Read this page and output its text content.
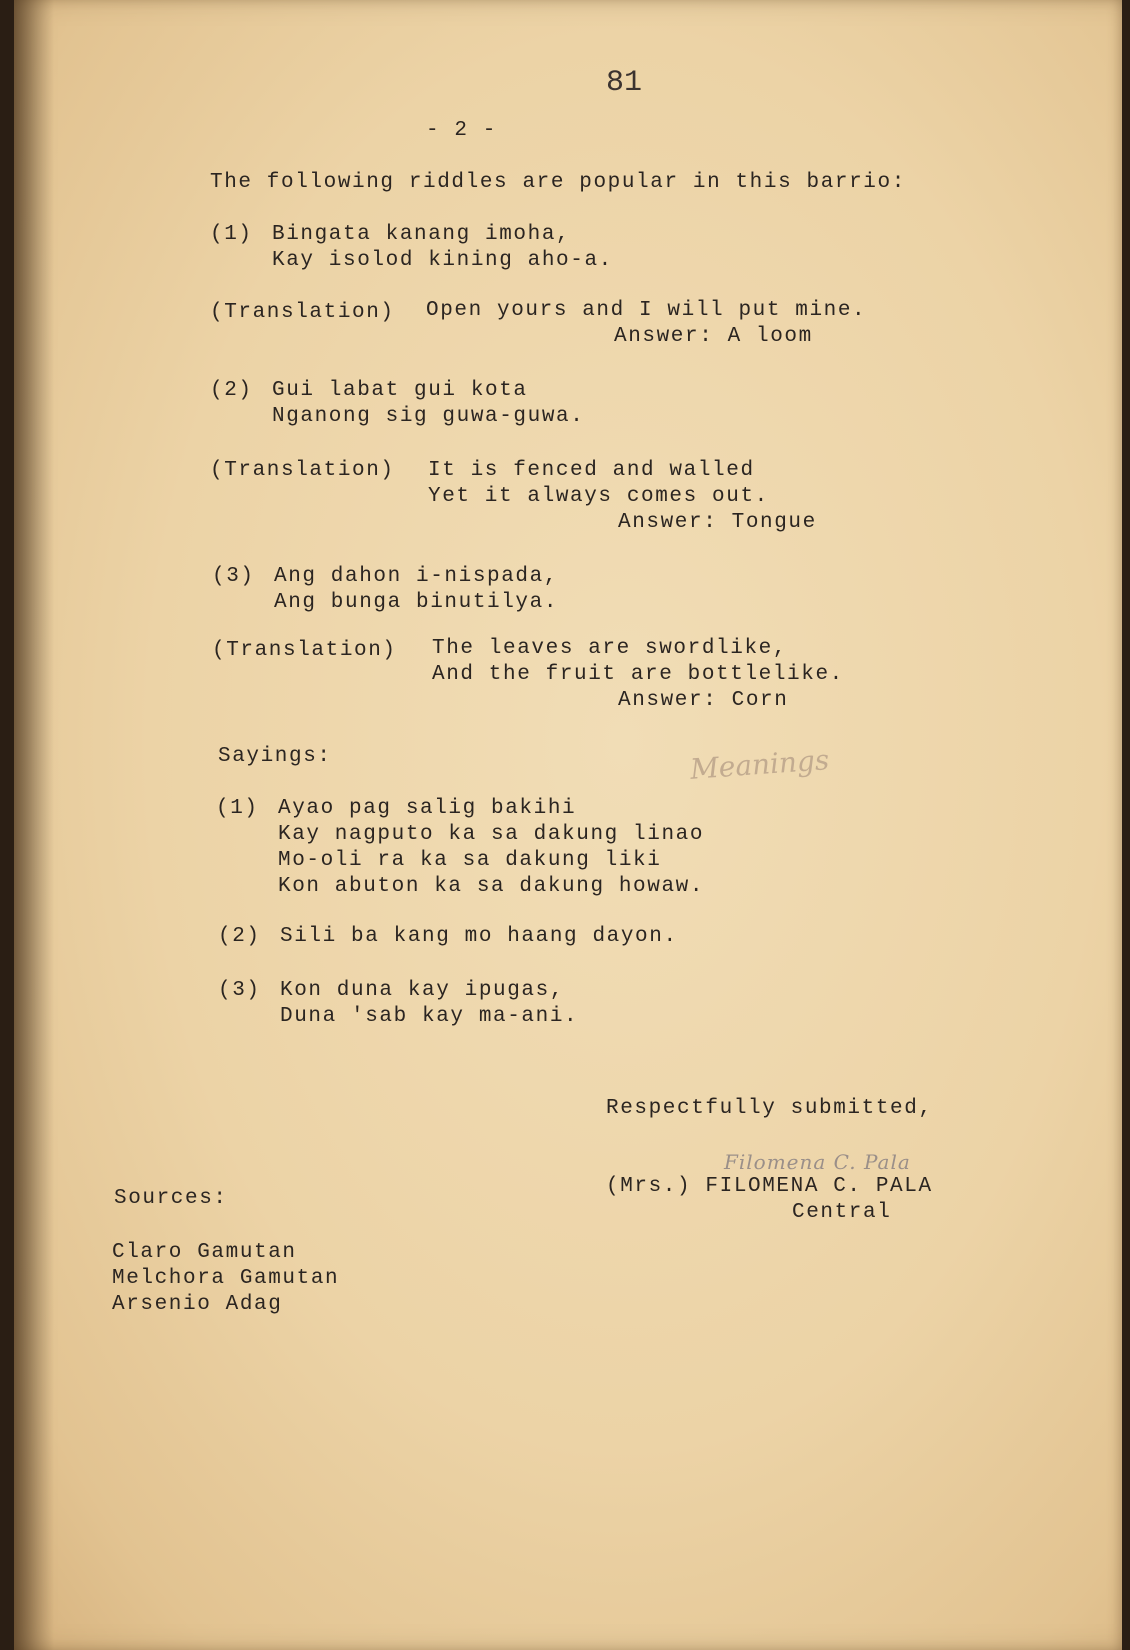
81
- 2 -
The following riddles are popular in this barrio:
(1) Bingata kanang imoha,
Kay isolod kining aho-a.
(Translation) Open yours and I will put mine.
Answer: A loom
(2) Gui labat gui kota
Nganong sig guwa-guwa.
(Translation) It is fenced and walled
Yet it always comes out.
Answer: Tongue
(3) Ang dahon i-nispada,
Ang bunga binutilya.
(Translation) The leaves are swordlike,
And the fruit are bottlelike.
Answer: Corn
Sayings:	Meanings
(1) Ayao pag salig bakihi
Kay nagputo ka sa dakung linao
Mo-oli ra ka sa dakung liki
Kon abuton ka sa dakung howaw.
(2) Sili ba kang mo haang dayon.
(3) Kon duna kay ipugas,
Duna 'sab kay ma-ani.
Respectfully submitted,
Filomena C. Pala
(Mrs.) FILOMENA C. PALA
Central
Sources:
Claro Gamutan
Melchora Gamutan
Arsenio Adag
